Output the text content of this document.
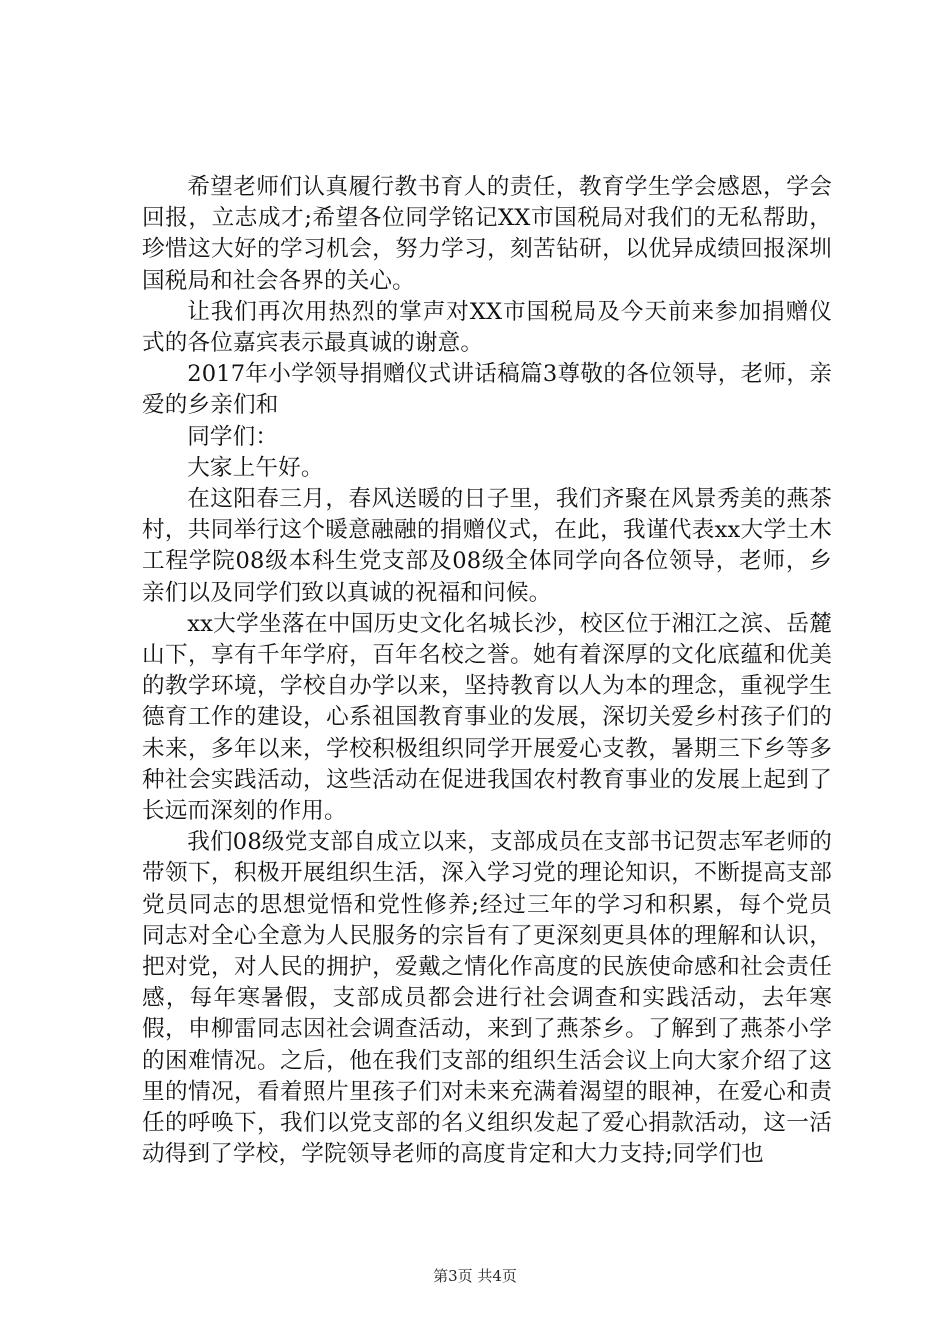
希望老师们认真履行教书育人的责任，教育学生学会感恩，学会回报，立志成才;希望各位同学铭记XX市国税局对我们的无私帮助，珍惜这大好的学习机会，努力学习，刻苦钻研，以优异成绩回报深圳国税局和社会各界的关心。

让我们再次用热烈的掌声对XX市国税局及今天前来参加捐赠仪式的各位嘉宾表示最真诚的谢意。

2017年小学领导捐赠仪式讲话稿篇3尊敬的各位领导，老师，亲爱的乡亲们和

同学们：

大家上午好。

在这阳春三月，春风送暖的日子里，我们齐聚在风景秀美的燕茶村，共同举行这个暖意融融的捐赠仪式，在此，我谨代表xx大学土木工程学院08级本科生党支部及08级全体同学向各位领导，老师，乡亲们以及同学们致以真诚的祝福和问候。

xx大学坐落在中国历史文化名城长沙，校区位于湘江之滨、岳麓山下，享有千年学府，百年名校之誉。她有着深厚的文化底蕴和优美的教学环境，学校自办学以来，坚持教育以人为本的理念，重视学生德育工作的建设，心系祖国教育事业的发展，深切关爱乡村孩子们的未来，多年以来，学校积极组织同学开展爱心支教，暑期三下乡等多种社会实践活动，这些活动在促进我国农村教育事业的发展上起到了长远而深刻的作用。

我们08级党支部自成立以来，支部成员在支部书记贺志军老师的带领下，积极开展组织生活，深入学习党的理论知识，不断提高支部党员同志的思想觉悟和党性修养;经过三年的学习和积累，每个党员同志对全心全意为人民服务的宗旨有了更深刻更具体的理解和认识，把对党，对人民的拥护，爱戴之情化作高度的民族使命感和社会责任感，每年寒暑假，支部成员都会进行社会调查和实践活动，去年寒假，申柳雷同志因社会调查活动，来到了燕茶乡。了解到了燕茶小学的困难情况。之后，他在我们支部的组织生活会议上向大家介绍了这里的情况，看着照片里孩子们对未来充满着渴望的眼神，在爱心和责任的呼唤下，我们以党支部的名义组织发起了爱心捐款活动，这一活动得到了学校，学院领导老师的高度肯定和大力支持;同学们也

第3页 共4页
